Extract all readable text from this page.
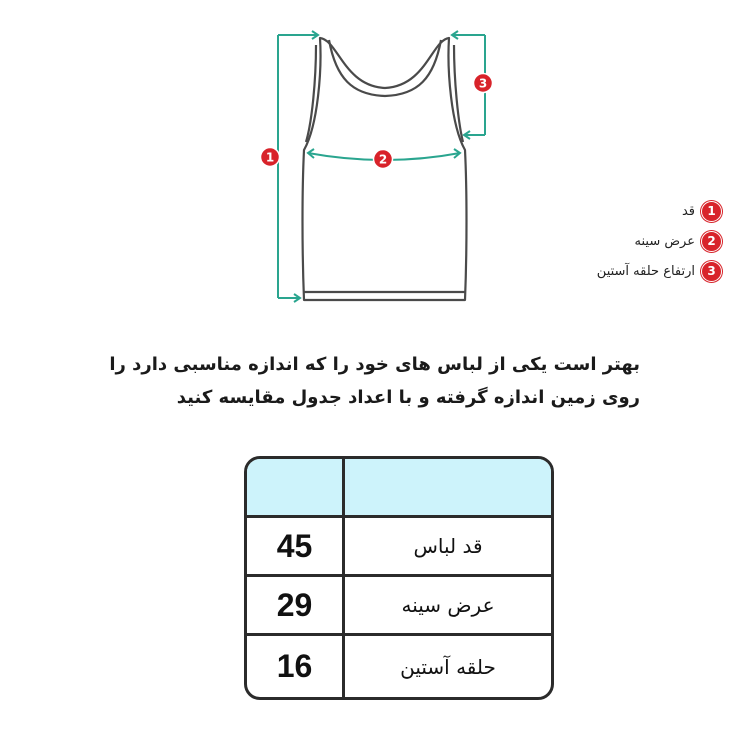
1	2
3
1
قد
2
عرض سینه
3
ارتفاع حلقه آستین
بهتر است یکی از لباس های خود را که اندازه مناسبی دارد را
روی زمین اندازه گرفته و با اعداد جدول مقایسه کنید
45	قد لباس
29	عرض سینه
16	حلقه آستین
